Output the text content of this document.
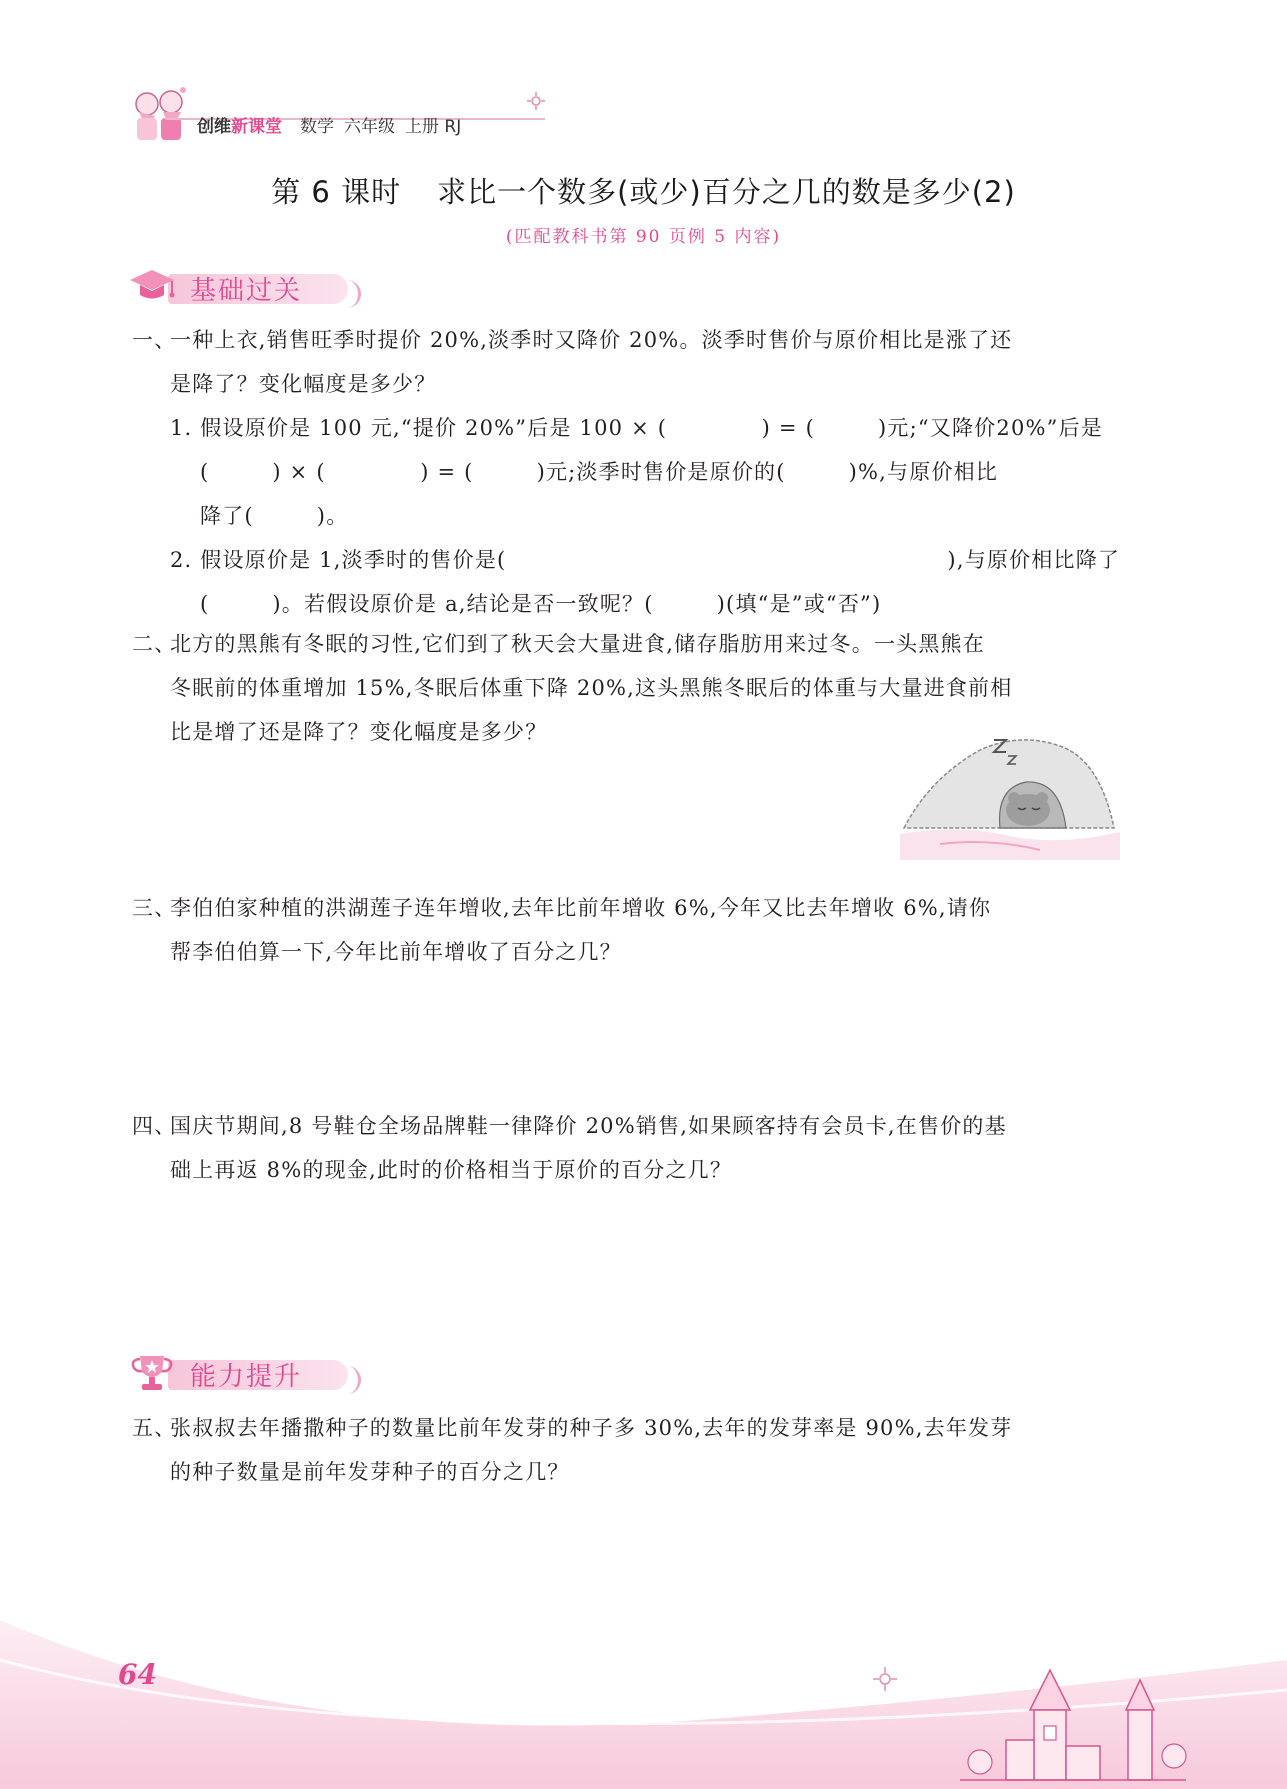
创维新课堂 数学 六年级 上册 RJ
第 6 课时 求比一个数多(或少)百分之几的数是多少(2)
(匹配教科书第 90 页例 5 内容)
基础过关
一、一种上衣,销售旺季时提价 20%,淡季时又降价 20%。淡季时售价与原价相比是涨了还
是降了？变化幅度是多少？
1. 假设原价是 100 元,“提价 20%”后是 100 × (            ) = (        )元;“又降价20%”后是
(        ) × (            ) = (        )元;淡季时售价是原价的(        )%,与原价相比
降了(        )。
2. 假设原价是 1,淡季时的售价是(                                                        ),与原价相比降了
(        )。若假设原价是 a,结论是否一致呢？(        )(填“是”或“否”)
二、北方的黑熊有冬眠的习性,它们到了秋天会大量进食,储存脂肪用来过冬。一头黑熊在
冬眠前的体重增加 15%,冬眠后体重下降 20%,这头黑熊冬眠后的体重与大量进食前相
比是增了还是降了？变化幅度是多少？
三、李伯伯家种植的洪湖莲子连年增收,去年比前年增收 6%,今年又比去年增收 6%,请你
帮李伯伯算一下,今年比前年增收了百分之几？
四、国庆节期间,8 号鞋仓全场品牌鞋一律降价 20%销售,如果顾客持有会员卡,在售价的基
础上再返 8%的现金,此时的价格相当于原价的百分之几？
能力提升
五、张叔叔去年播撒种子的数量比前年发芽的种子多 30%,去年的发芽率是 90%,去年发芽
的种子数量是前年发芽种子的百分之几？
64
